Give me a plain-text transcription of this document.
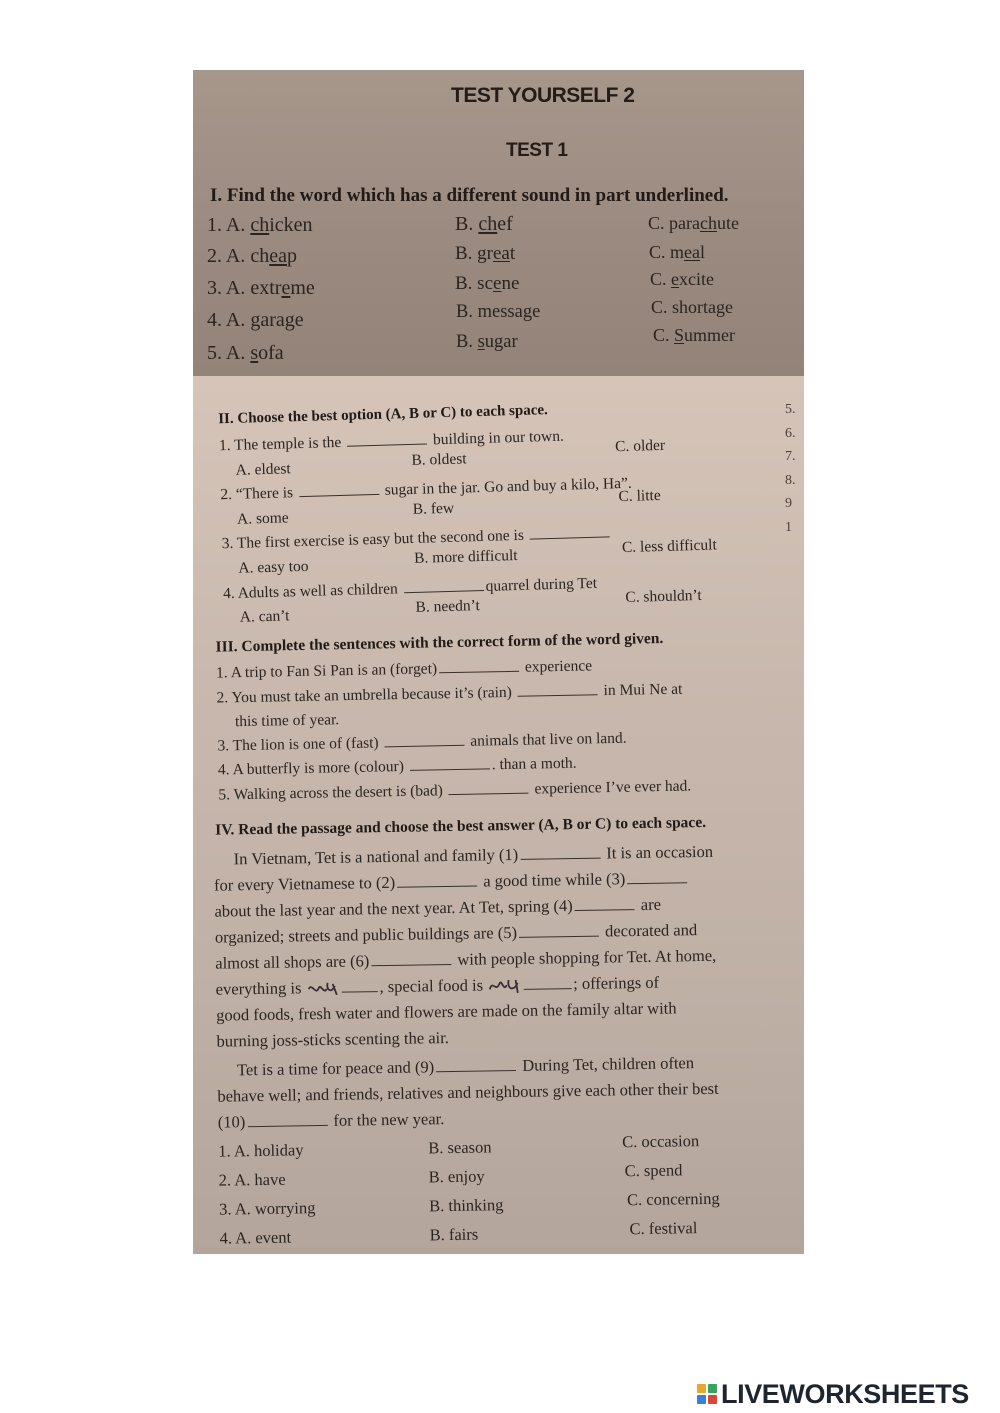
TEST YOURSELF 2
TEST 1
I. Find the word which has a different sound in part underlined.
1. A. chicken	B. chef	C. parachute
2. A. cheap	B. great	C. meal
3. A. extreme	B. scene	C. excite
4. A. garage	B. message	C. shortage
5. A. sofa	B. sugar	C. Summer
II. Choose the best option (A, B or C) to each space.
1. The temple is the	building in our town.
A. eldest
B. oldest
C. older
2. “There is	sugar in the jar. Go and buy a kilo, Ha”.
A. some
B. few
C. litte
3. The first exercise is easy but the second one is
A. easy too
B. more difficult
C. less difficult
4. Adults as well as children	quarrel during Tet
A. can’t
B. needn’t
C. shouldn’t
III. Complete the sentences with the correct form of the word given.
1. A trip to Fan Si Pan is an (forget)	experience
2. You must take an umbrella because it’s (rain)	in Mui Ne at
this time of year.
3. The lion is one of (fast)	animals that live on land.
4. A butterfly is more (colour)	. than a moth.
5. Walking across the desert is (bad)	experience I’ve ever had.
IV. Read the passage and choose the best answer (A, B or C) to each space.
In Vietnam, Tet is a national and family (1)	It is an occasion
for every Vietnamese to (2)	a good time while (3)
about the last year and the next year. At Tet, spring (4)	are
organized; streets and public buildings are (5)	decorated and
almost all shops are (6)	with people shopping for Tet. At home,
everything is	, special food is	; offerings of
good foods, fresh water and flowers are made on the family altar with
burning joss-sticks scenting the air.
Tet is a time for peace and (9)	During Tet, children often
behave well; and friends, relatives and neighbours give each other their best
(10)	for the new year.
1. A. holiday	B. season	C. occasion
2. A. have	B. enjoy	C. spend
3. A. worrying	B. thinking	C. concerning
4. A. event	B. fairs	C. festival
5.
6.
7.
8.
9
1
LIVEWORKSHEETS
